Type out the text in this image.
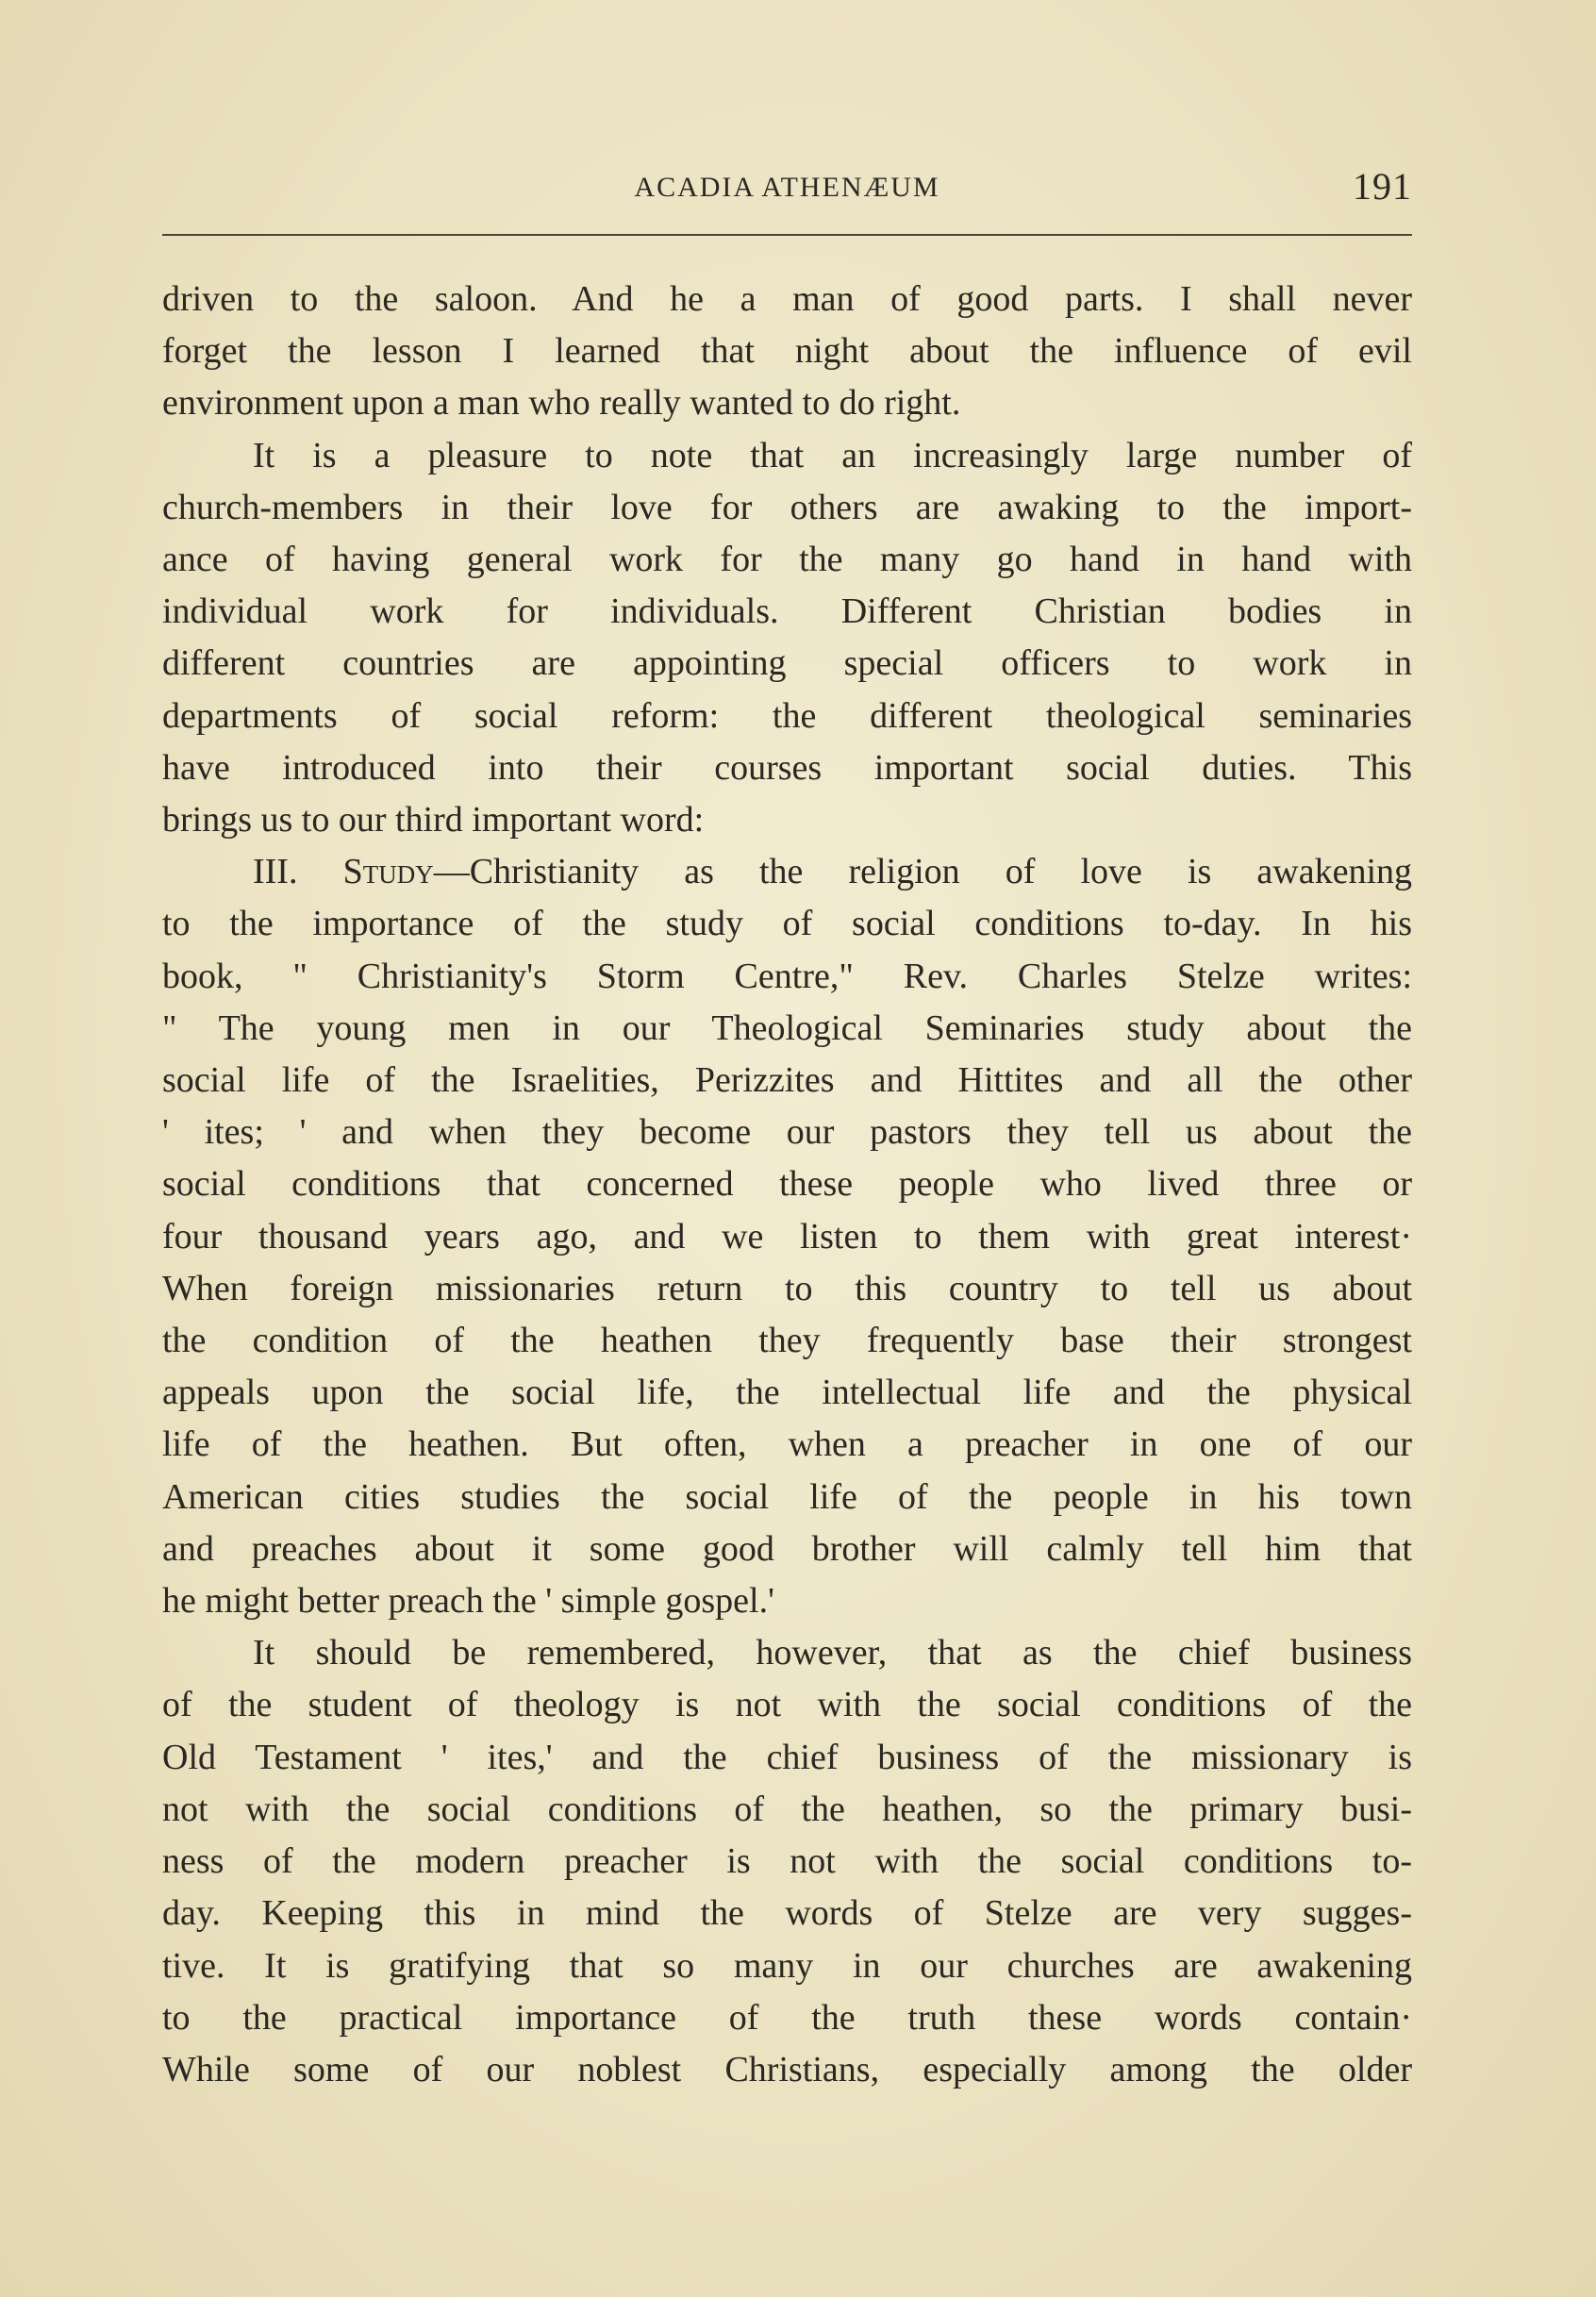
ACADIA ATHENÆUM	191

driven to the saloon. And he a man of good parts. I shall never

forget the lesson I learned that night about the influence of evil

environment upon a man who really wanted to do right.

It is a pleasure to note that an increasingly large number of

church-members in their love for others are awaking to the import-

ance of having general work for the many go hand in hand with

individual work for individuals. Different Christian bodies in

different countries are appointing special officers to work in

departments of social reform: the different theological seminaries

have introduced into their courses important social duties. This

brings us to our third important word:

III. Study—Christianity as the religion of love is awakening

to the importance of the study of social conditions to-day. In his

book, " Christianity's Storm Centre," Rev. Charles Stelze writes:

" The young men in our Theological Seminaries study about the

social life of the Israelities, Perizzites and Hittites and all the other

' ites; ' and when they become our pastors they tell us about the

social conditions that concerned these people who lived three or

four thousand years ago, and we listen to them with great interest·

When foreign missionaries return to this country to tell us about

the condition of the heathen they frequently base their strongest

appeals upon the social life, the intellectual life and the physical

life of the heathen. But often, when a preacher in one of our

American cities studies the social life of the people in his town

and preaches about it some good brother will calmly tell him that

he might better preach the ' simple gospel.'

It should be remembered, however, that as the chief business

of the student of theology is not with the social conditions of the

Old Testament ' ites,' and the chief business of the missionary is

not with the social conditions of the heathen, so the primary busi-

ness of the modern preacher is not with the social conditions to-

day. Keeping this in mind the words of Stelze are very sugges-

tive. It is gratifying that so many in our churches are awakening

to the practical importance of the truth these words contain·

While some of our noblest Christians, especially among the older
